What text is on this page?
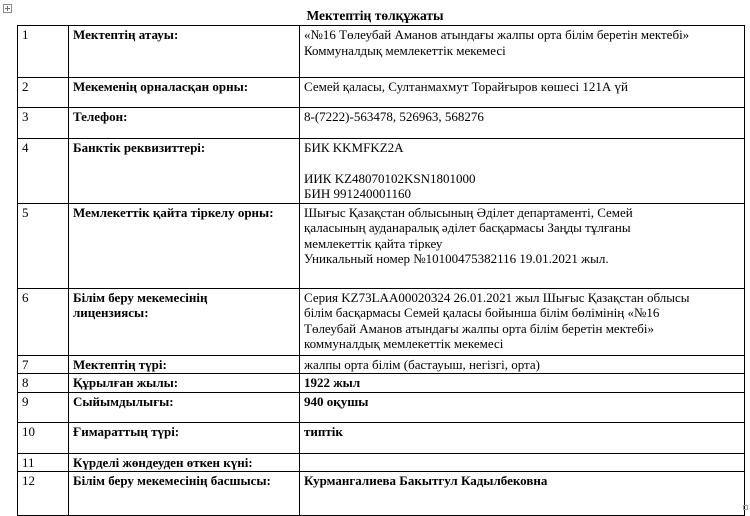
Мектептің төлқұжаты
1	Мектептің атауы:	«№16 Төлеубай Аманов атындағы жалпы орта білім беретін мектебі»
Коммуналдық мемлекеттік мекемесі

2	Мекеменің орналасқан орны:	Семей қаласы, Султанмахмут Торайғыров көшесі 121А үй

3	Телефон:	8-(7222)-563478, 526963, 568276

4	Банктік реквизиттері:	БИК KKMFKZ2A
ИИК KZ48070102KSN1801000
БИН 991240001160

5	Мемлекеттік қайта тіркелу орны:	Шығыс Қазақстан облысының Әділет департаменті, Семей
қаласының ауданаралық әділет басқармасы Заңды тұлғаны
мемлекеттік қайта тіркеу
Уникальный номер №10100475382116 19.01.2021 жыл.

6	Білім беру мекемесінің
лицензиясы:	Серия KZ73LAA00020324 26.01.2021 жыл Шығыс Қазақстан облысы
білім басқармасы Семей қаласы бойынша білім бөлімінің «№16
Төлеубай Аманов атындағы жалпы орта білім беретін мектебі»
коммуналдық мемлекеттік мекемесі

7	Мектептің түрі:	жалпы орта білім (бастауыш, негізгі, орта)

8	Құрылған жылы:	1922 жыл

9	Сыйымдылығы:	940 оқушы

10	Ғимараттың түрі:	типтік

11	Күрделі жөндеуден өткен күні:	

12	Білім беру мекемесінің басшысы:	Курмангалиева Бакытгул Кадылбековна
